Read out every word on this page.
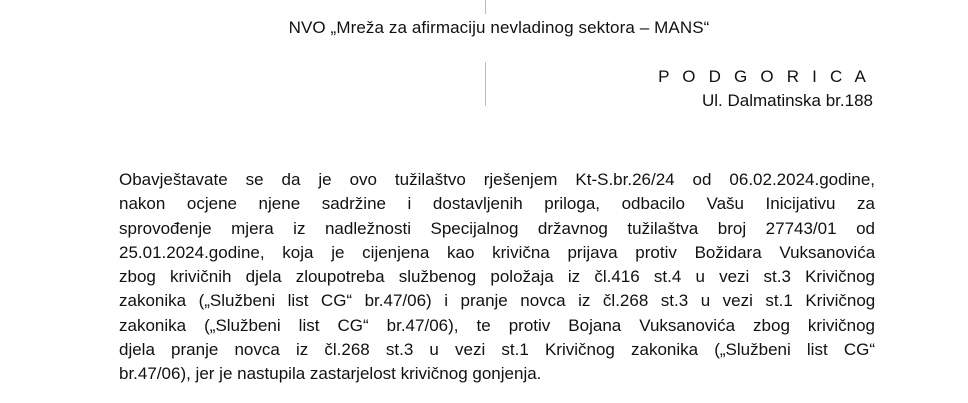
NVO „Mreža za afirmaciju nevladinog sektora – MANS“
P O D G O R I C A
Ul. Dalmatinska br.188
Obavještavate se da je ovo tužilaštvo rješenjem Kt-S.br.26/24 od 06.02.2024.godine,
nakon ocjene njene sadržine i dostavljenih priloga, odbacilo Vašu Inicijativu za
sprovođenje mjera iz nadležnosti Specijalnog državnog tužilaštva broj 27743/01 od
25.01.2024.godine, koja je cijenjena kao krivična prijava protiv Božidara Vuksanovića
zbog krivičnih djela zloupotreba službenog položaja iz čl.416 st.4 u vezi st.3 Krivičnog
zakonika („Službeni list CG“ br.47/06) i pranje novca iz čl.268 st.3 u vezi st.1 Krivičnog
zakonika („Službeni list CG“ br.47/06), te protiv Bojana Vuksanovića zbog krivičnog
djela pranje novca iz čl.268 st.3 u vezi st.1 Krivičnog zakonika („Službeni list CG“
br.47/06), jer je nastupila zastarjelost krivičnog gonjenja.
